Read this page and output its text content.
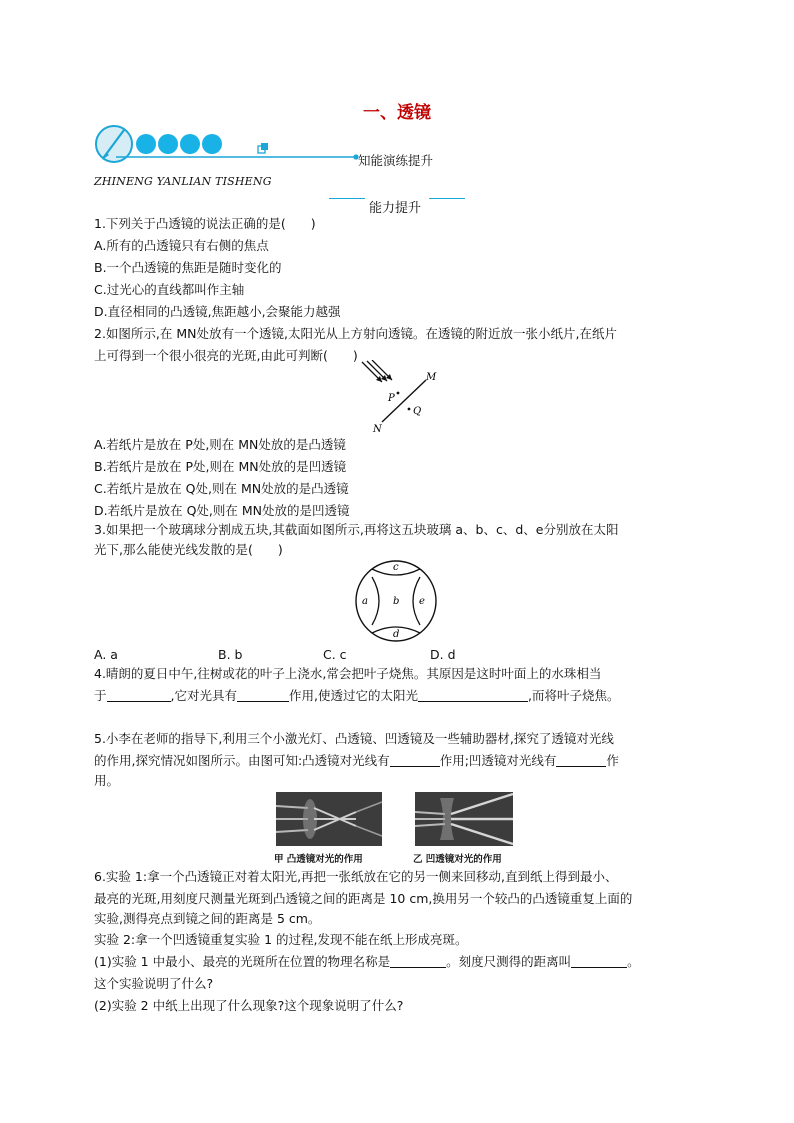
一、透镜
知能演练提升
ZHINENG YANLIAN TISHENG
能力提升
1.下列关于凸透镜的说法正确的是(　　)
A.所有的凸透镜只有右侧的焦点
B.一个凸透镜的焦距是随时变化的
C.过光心的直线都叫作主轴
D.直径相同的凸透镜,焦距越小,会聚能力越强
2.如图所示,在 MN处放有一个透镜,太阳光从上方射向透镜。在透镜的附近放一张小纸片,在纸片
上可得到一个很小很亮的光斑,由此可判断(　　)
M
N
P
Q
A.若纸片是放在 P处,则在 MN处放的是凸透镜
B.若纸片是放在 P处,则在 MN处放的是凹透镜
C.若纸片是放在 Q处,则在 MN处放的是凸透镜
D.若纸片是放在 Q处,则在 MN处放的是凹透镜
3.如果把一个玻璃球分割成五块,其截面如图所示,再将这五块玻璃 a、b、c、d、e分别放在太阳
光下,那么能使光线发散的是(　　)
c
a	b e
d
A. a	B. b	C. c	D. d
4.晴朗的夏日中午,往树或花的叶子上浇水,常会把叶子烧焦。其原因是这时叶面上的水珠相当
于	,它对光具有	作用,使透过它的太阳光	,而将叶子烧焦。
5.小李在老师的指导下,利用三个小激光灯、凸透镜、凹透镜及一些辅助器材,探究了透镜对光线
的作用,探究情况如图所示。由图可知:凸透镜对光线有	作用;凹透镜对光线有	作
用。
甲 凸透镜对光的作用	乙 凹透镜对光的作用
6.实验 1:拿一个凸透镜正对着太阳光,再把一张纸放在它的另一侧来回移动,直到纸上得到最小、
最亮的光斑,用刻度尺测量光斑到凸透镜之间的距离是 10 cm,换用另一个较凸的凸透镜重复上面的
实验,测得亮点到镜之间的距离是 5 cm。
实验 2:拿一个凹透镜重复实验 1 的过程,发现不能在纸上形成亮斑。
(1)实验 1 中最小、最亮的光斑所在位置的物理名称是	。刻度尺测得的距离叫	。
这个实验说明了什么?
(2)实验 2 中纸上出现了什么现象?这个现象说明了什么?
